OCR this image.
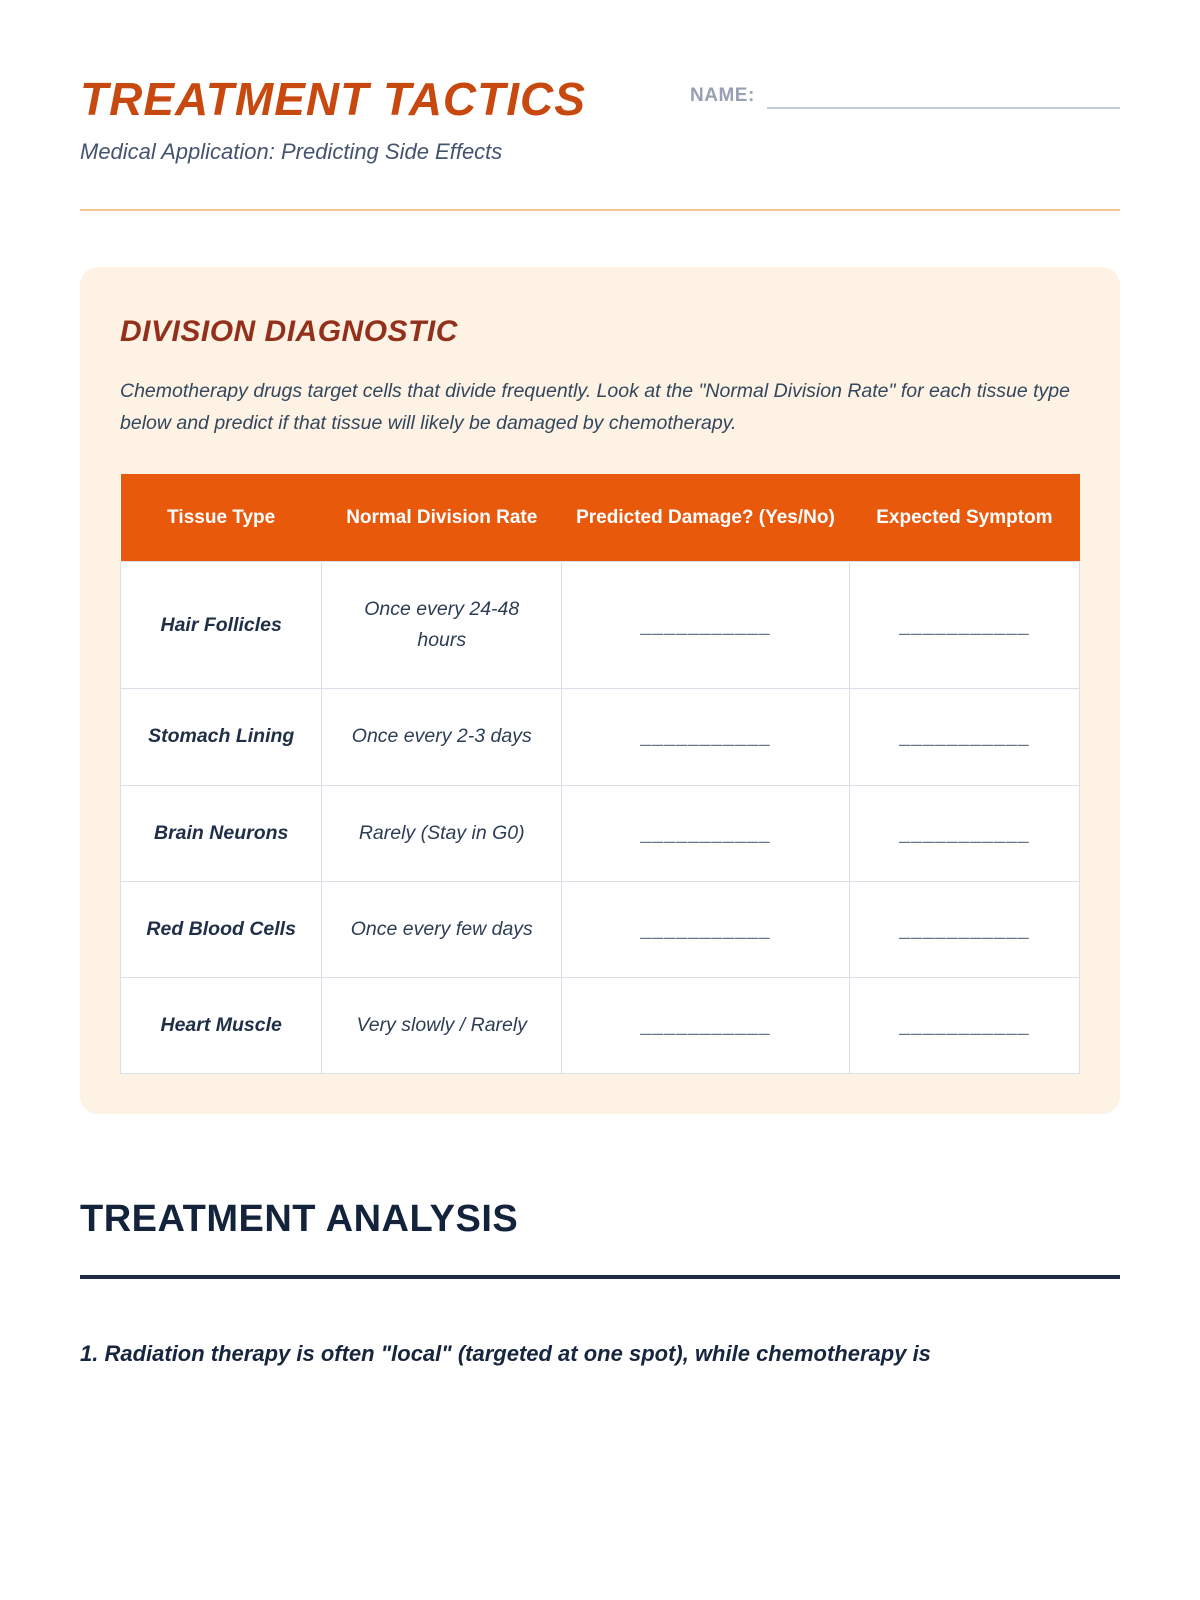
TREATMENT TACTICS
Medical Application: Predicting Side Effects
NAME:
DIVISION DIAGNOSTIC

Chemotherapy drugs target cells that divide frequently. Look at the "Normal Division Rate" for each tissue type below and predict if that tissue will likely be damaged by chemotherapy.

Tissue Type	Normal Division Rate	Predicted Damage? (Yes/No)	Expected Symptom
Hair Follicles	Once every 24-48 hours	___________	___________
Stomach Lining	Once every 2-3 days	___________	___________
Brain Neurons	Rarely (Stay in G0)	___________	___________
Red Blood Cells	Once every few days	___________	___________
Heart Muscle	Very slowly / Rarely	___________	___________
TREATMENT ANALYSIS

1. Radiation therapy is often "local" (targeted at one spot), while chemotherapy is
